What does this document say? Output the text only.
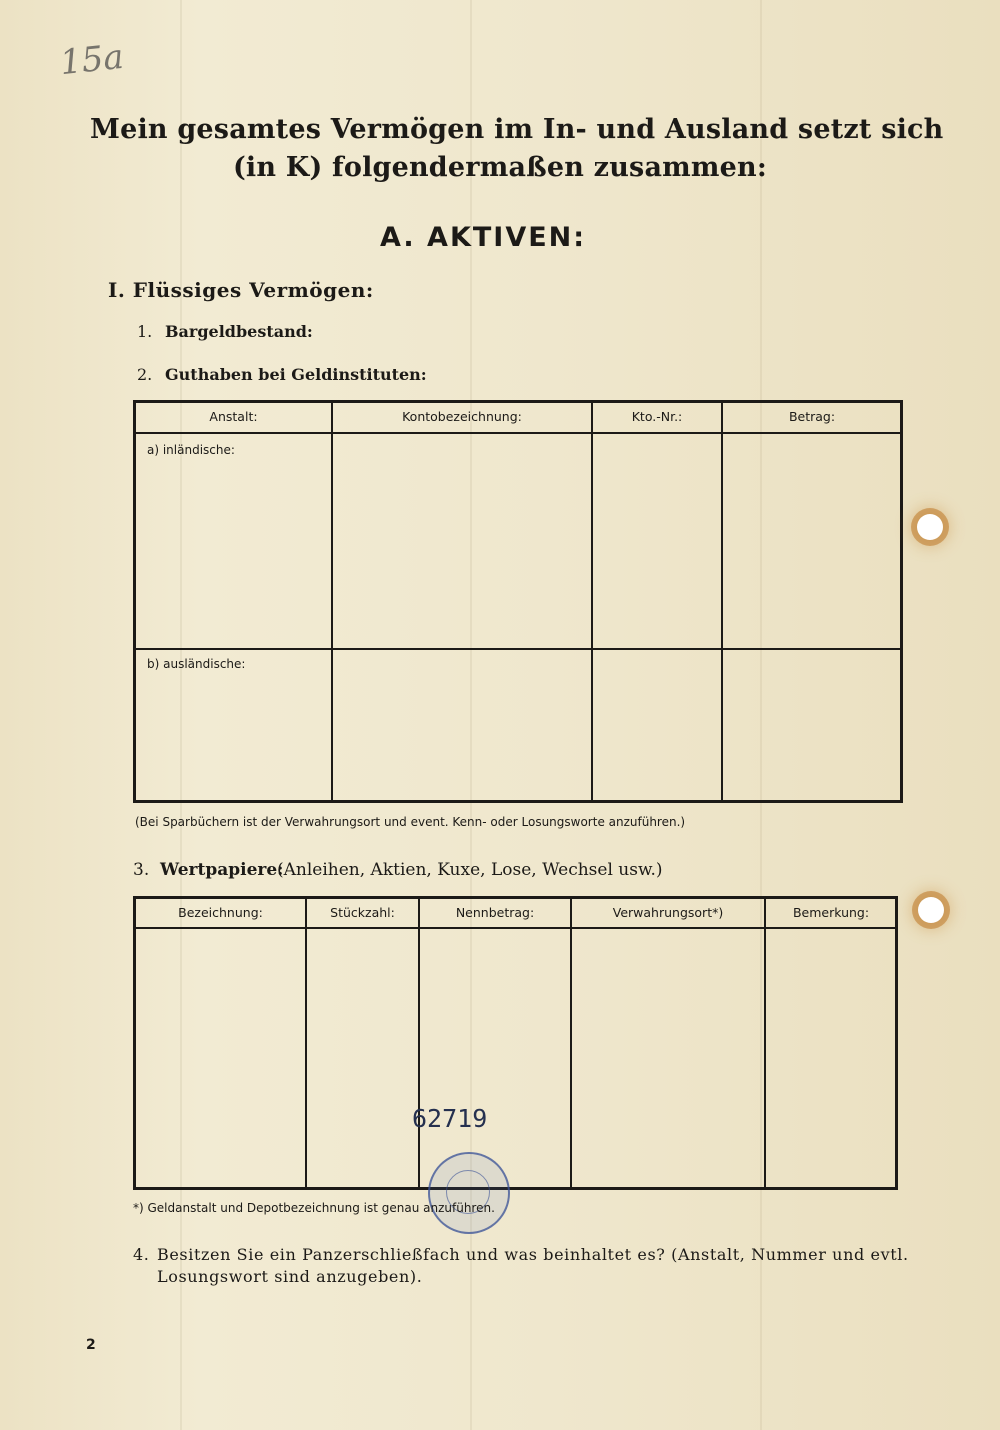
15a
Mein gesamtes Vermögen im In- und Ausland setzt sich
(in K) folgendermaßen zusammen:
A. AKTIVEN:
I. Flüssiges Vermögen:
1. Bargeldbestand:
2. Guthaben bei Geldinstituten:
Anstalt:	Kontobezeichnung:	Kto.-Nr.:	Betrag:
a) inländische:
b) ausländische:
(Bei Sparbüchern ist der Verwahrungsort und event. Kenn- oder Losungsworte anzuführen.)
3. Wertpapiere:
(Anleihen, Aktien, Kuxe, Lose, Wechsel usw.)
Bezeichnung:	Stückzahl:	Nennbetrag:	Verwahrungsort*)	Bemerkung:
62719
*) Geldanstalt und Depotbezeichnung ist genau anzuführen.
4. Besitzen Sie ein Panzerschließfach und was beinhaltet es? (Anstalt, Nummer und evtl.
Losungswort sind anzugeben).
2
